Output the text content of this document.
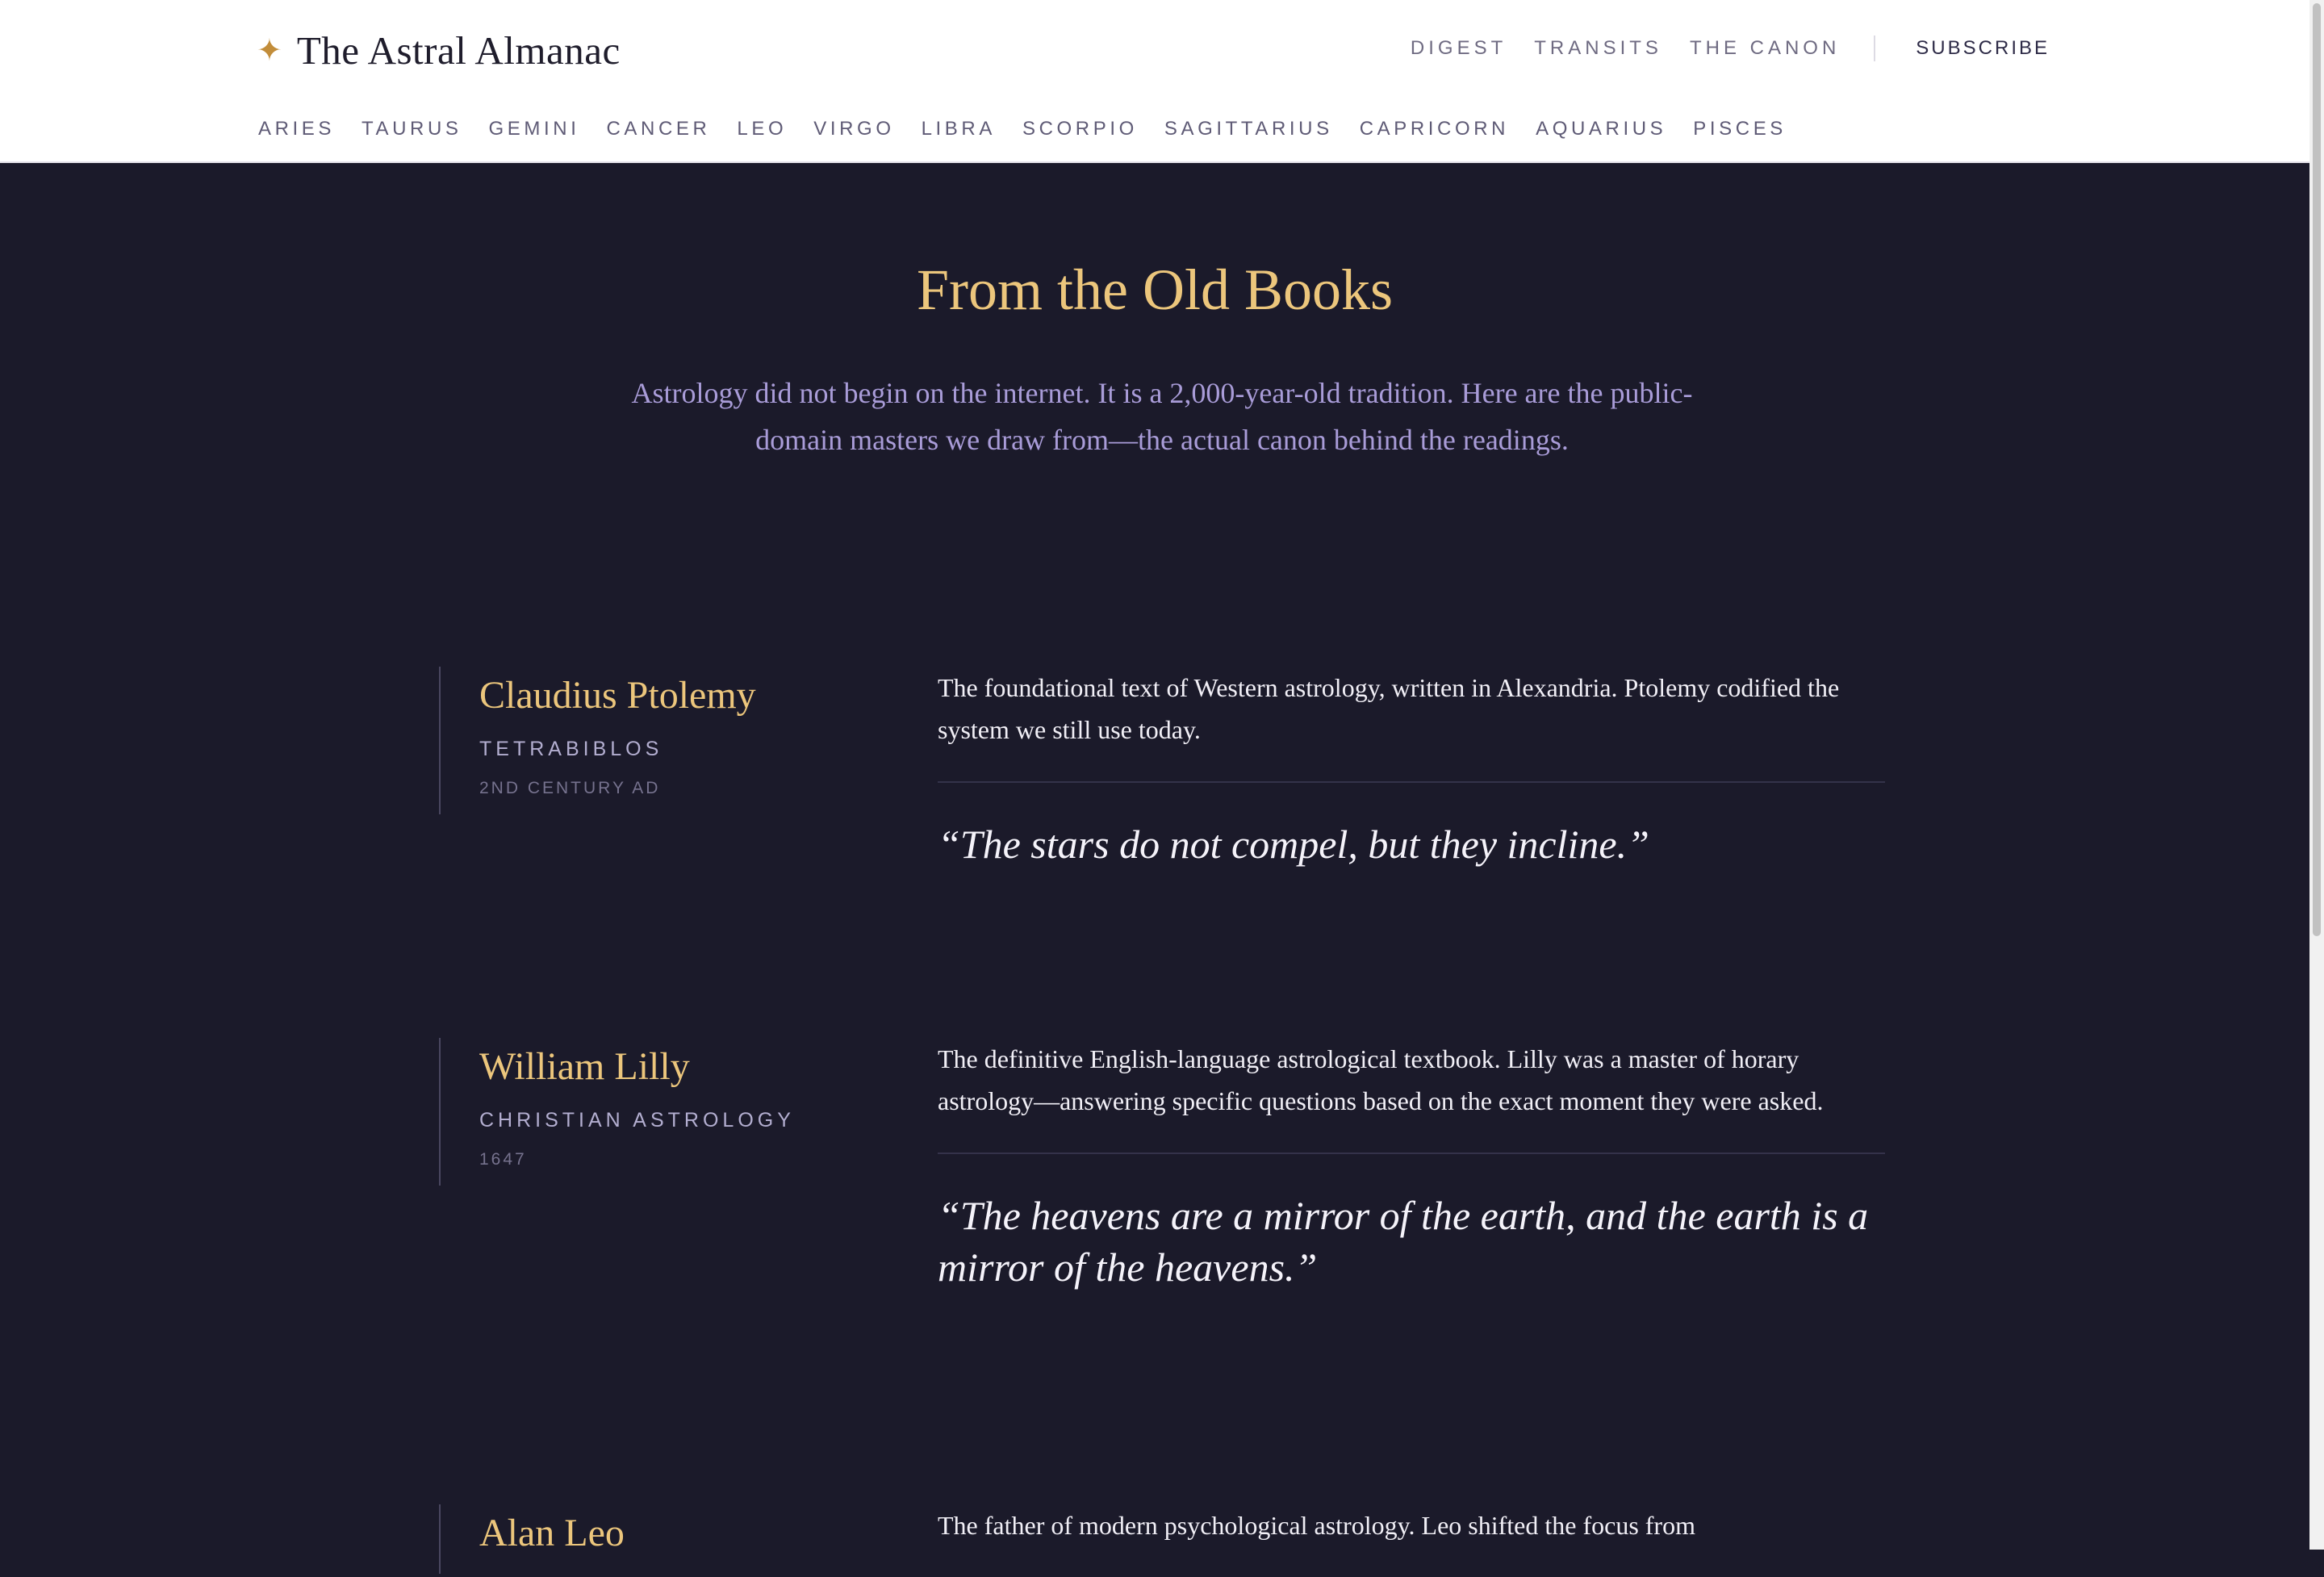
✦ The Astral Almanac	DIGEST TRANSITS THE CANON	SUBSCRIBE
ARIES TAURUS GEMINI CANCER LEO VIRGO LIBRA SCORPIO SAGITTARIUS CAPRICORN AQUARIUS PISCES
From the Old Books

Astrology did not begin on the internet. It is a 2,000-year-old tradition. Here are the public-domain masters we draw from—the actual canon behind the readings.

Claudius Ptolemy
TETRABIBLOS
2ND CENTURY AD
The foundational text of Western astrology, written in Alexandria. Ptolemy codified the system we still use today.
“The stars do not compel, but they incline.”
William Lilly
CHRISTIAN ASTROLOGY
1647
The definitive English-language astrological textbook. Lilly was a master of horary astrology—answering specific questions based on the exact moment they were asked.
“The heavens are a mirror of the earth, and the earth is a mirror of the heavens.”
Alan Leo	The father of modern psychological astrology. Leo shifted the focus from
